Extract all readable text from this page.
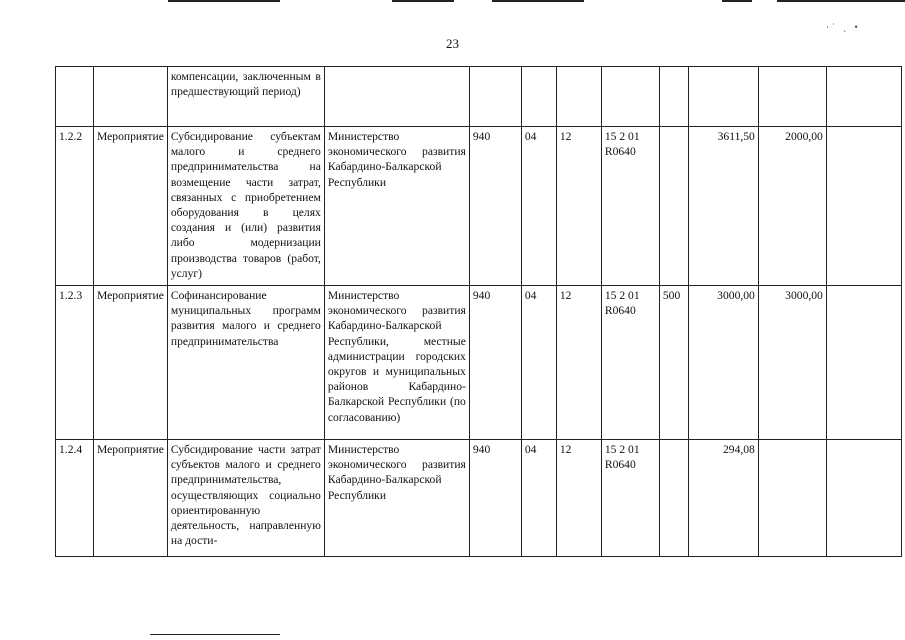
·˙ ˏ •
23
		компенсации, заключенным в предшествующий период)									
1.2.2	Мероприятие	Субсидирование субъектам малого и среднего предпринимательства на возмещение части затрат, связанных с приобретением оборудования в целях создания и (или) развития либо модернизации производства товаров (работ, услуг)	Министерство экономического развития Кабардино-Балкарской Республики	940	04	12	15 2 01 R0640		3611,50	2000,00	
1.2.3	Мероприятие	Софинансирование муниципальных программ развития малого и среднего предпринимательства	Министерство экономического развития Кабардино-Балкарской Республики, местные администрации городских округов и муниципальных районов Кабардино-Балкарской Республики (по согласованию)	940	04	12	15 2 01 R0640	500	3000,00	3000,00	
1.2.4	Мероприятие	Субсидирование части затрат субъектов малого и среднего предпринимательства, осуществляющих социально ориентированную деятельность, направленную на дости-	Министерство экономического развития Кабардино-Балкарской Республики	940	04	12	15 2 01 R0640		294,08		
